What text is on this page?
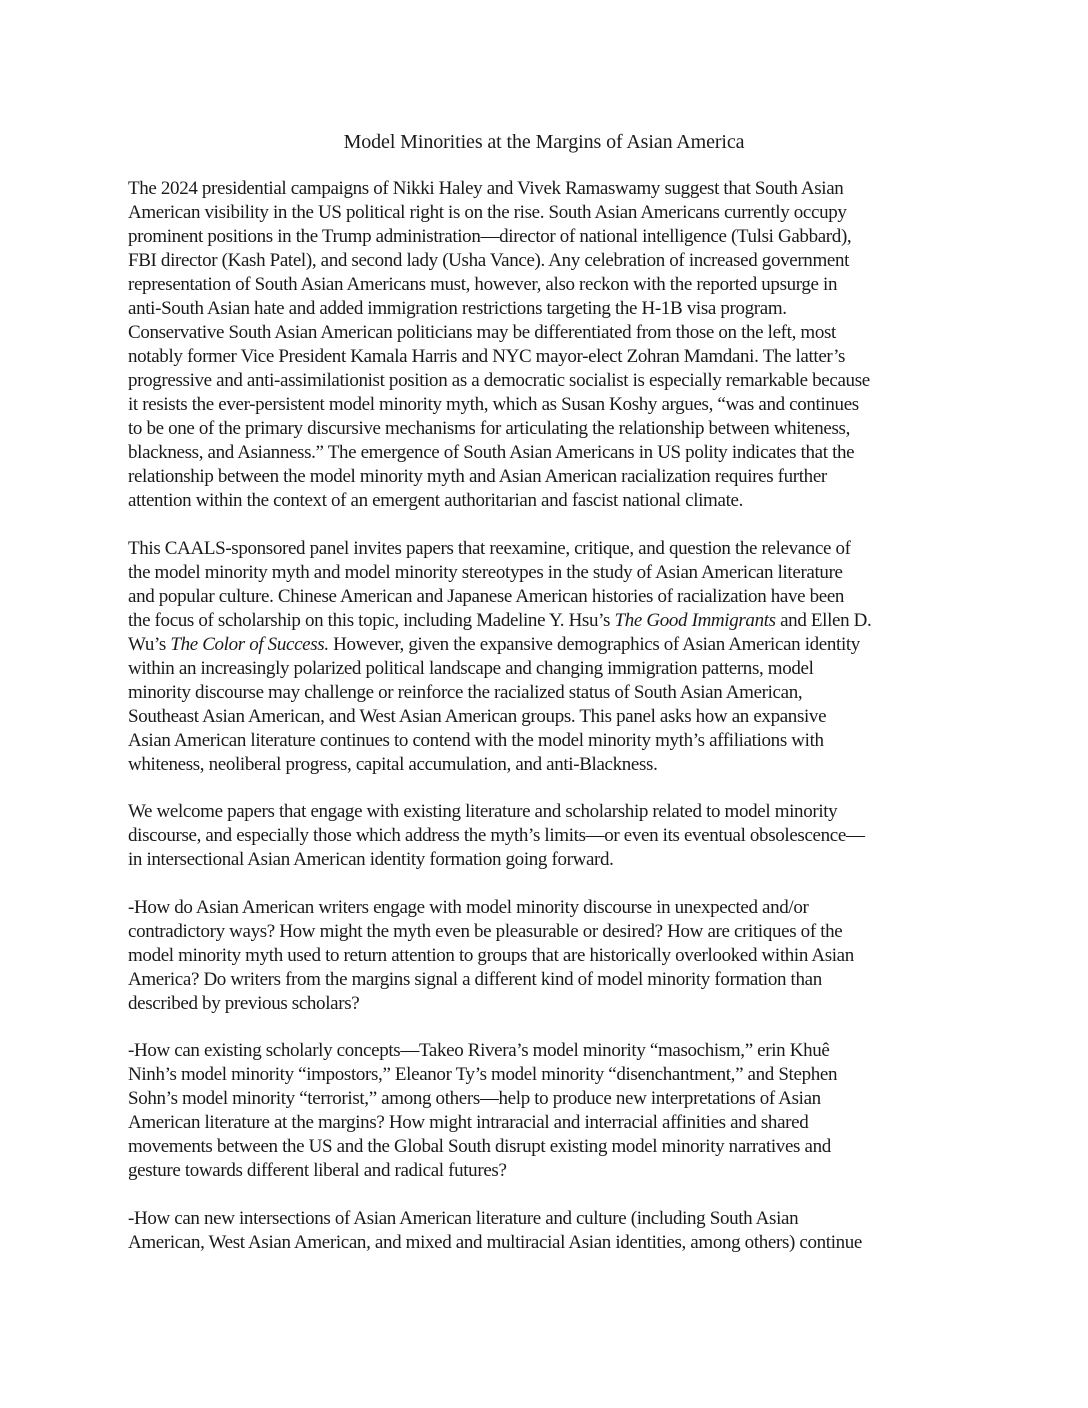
Model Minorities at the Margins of Asian America

The 2024 presidential campaigns of Nikki Haley and Vivek Ramaswamy suggest that South Asian
American visibility in the US political right is on the rise. South Asian Americans currently occupy
prominent positions in the Trump administration—director of national intelligence (Tulsi Gabbard),
FBI director (Kash Patel), and second lady (Usha Vance). Any celebration of increased government
representation of South Asian Americans must, however, also reckon with the reported upsurge in
anti-South Asian hate and added immigration restrictions targeting the H-1B visa program.
Conservative South Asian American politicians may be differentiated from those on the left, most
notably former Vice President Kamala Harris and NYC mayor-elect Zohran Mamdani. The latter’s
progressive and anti-assimilationist position as a democratic socialist is especially remarkable because
it resists the ever-persistent model minority myth, which as Susan Koshy argues, “was and continues
to be one of the primary discursive mechanisms for articulating the relationship between whiteness,
blackness, and Asianness.” The emergence of South Asian Americans in US polity indicates that the
relationship between the model minority myth and Asian American racialization requires further
attention within the context of an emergent authoritarian and fascist national climate.

This CAALS-sponsored panel invites papers that reexamine, critique, and question the relevance of
the model minority myth and model minority stereotypes in the study of Asian American literature
and popular culture. Chinese American and Japanese American histories of racialization have been
the focus of scholarship on this topic, including Madeline Y. Hsu’s The Good Immigrants and Ellen D.
Wu’s The Color of Success. However, given the expansive demographics of Asian American identity
within an increasingly polarized political landscape and changing immigration patterns, model
minority discourse may challenge or reinforce the racialized status of South Asian American,
Southeast Asian American, and West Asian American groups. This panel asks how an expansive
Asian American literature continues to contend with the model minority myth’s affiliations with
whiteness, neoliberal progress, capital accumulation, and anti-Blackness.

We welcome papers that engage with existing literature and scholarship related to model minority
discourse, and especially those which address the myth’s limits—or even its eventual obsolescence—
in intersectional Asian American identity formation going forward.

-How do Asian American writers engage with model minority discourse in unexpected and/or
contradictory ways? How might the myth even be pleasurable or desired? How are critiques of the
model minority myth used to return attention to groups that are historically overlooked within Asian
America? Do writers from the margins signal a different kind of model minority formation than
described by previous scholars?

-How can existing scholarly concepts—Takeo Rivera’s model minority “masochism,” erin Khuê
Ninh’s model minority “impostors,” Eleanor Ty’s model minority “disenchantment,” and Stephen
Sohn’s model minority “terrorist,” among others—help to produce new interpretations of Asian
American literature at the margins? How might intraracial and interracial affinities and shared
movements between the US and the Global South disrupt existing model minority narratives and
gesture towards different liberal and radical futures?

-How can new intersections of Asian American literature and culture (including South Asian
American, West Asian American, and mixed and multiracial Asian identities, among others) continue
